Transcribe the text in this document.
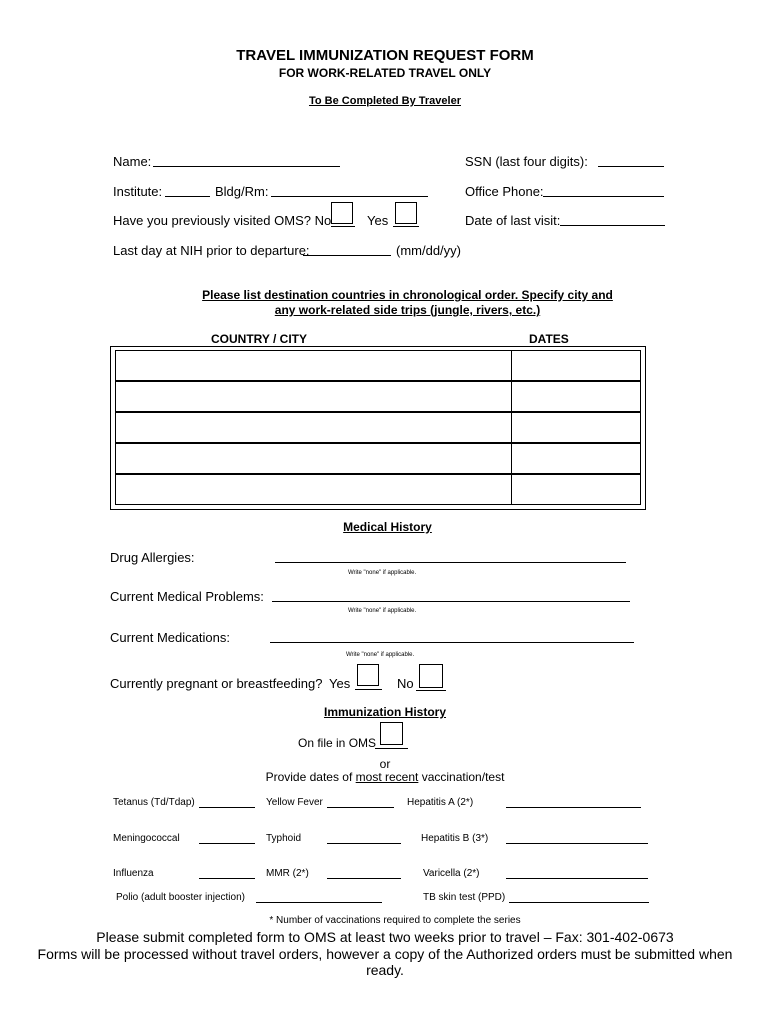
TRAVEL IMMUNIZATION REQUEST FORM
FOR WORK-RELATED TRAVEL ONLY
To Be Completed By Traveler
Name:	SSN (last four digits):
Institute:	Bldg/Rm:	Office Phone:
Have you previously visited OMS? No	Yes	Date of last visit:
Last day at NIH prior to departure:	(mm/dd/yy)
Please list destination countries in chronological order. Specify city and
any work-related side trips (jungle, rivers, etc.)
COUNTRY / CITY	DATES
Medical History
Drug Allergies:
Write "none" if applicable.
Current Medical Problems:
Write "none" if applicable.
Current Medications:
Write "none" if applicable.
Currently pregnant or breastfeeding? Yes	No
Immunization History
On file in OMS
or
Provide dates of most recent vaccination/test
Tetanus (Td/Tdap)	Yellow Fever	Hepatitis A (2*)
Meningococcal	Typhoid	Hepatitis B (3*)
Influenza	MMR (2*)	Varicella (2*)
Polio (adult booster injection)	TB skin test (PPD)
* Number of vaccinations required to complete the series
Please submit completed form to OMS at least two weeks prior to travel – Fax: 301-402-0673
Forms will be processed without travel orders, however a copy of the Authorized orders must be submitted when
ready.
